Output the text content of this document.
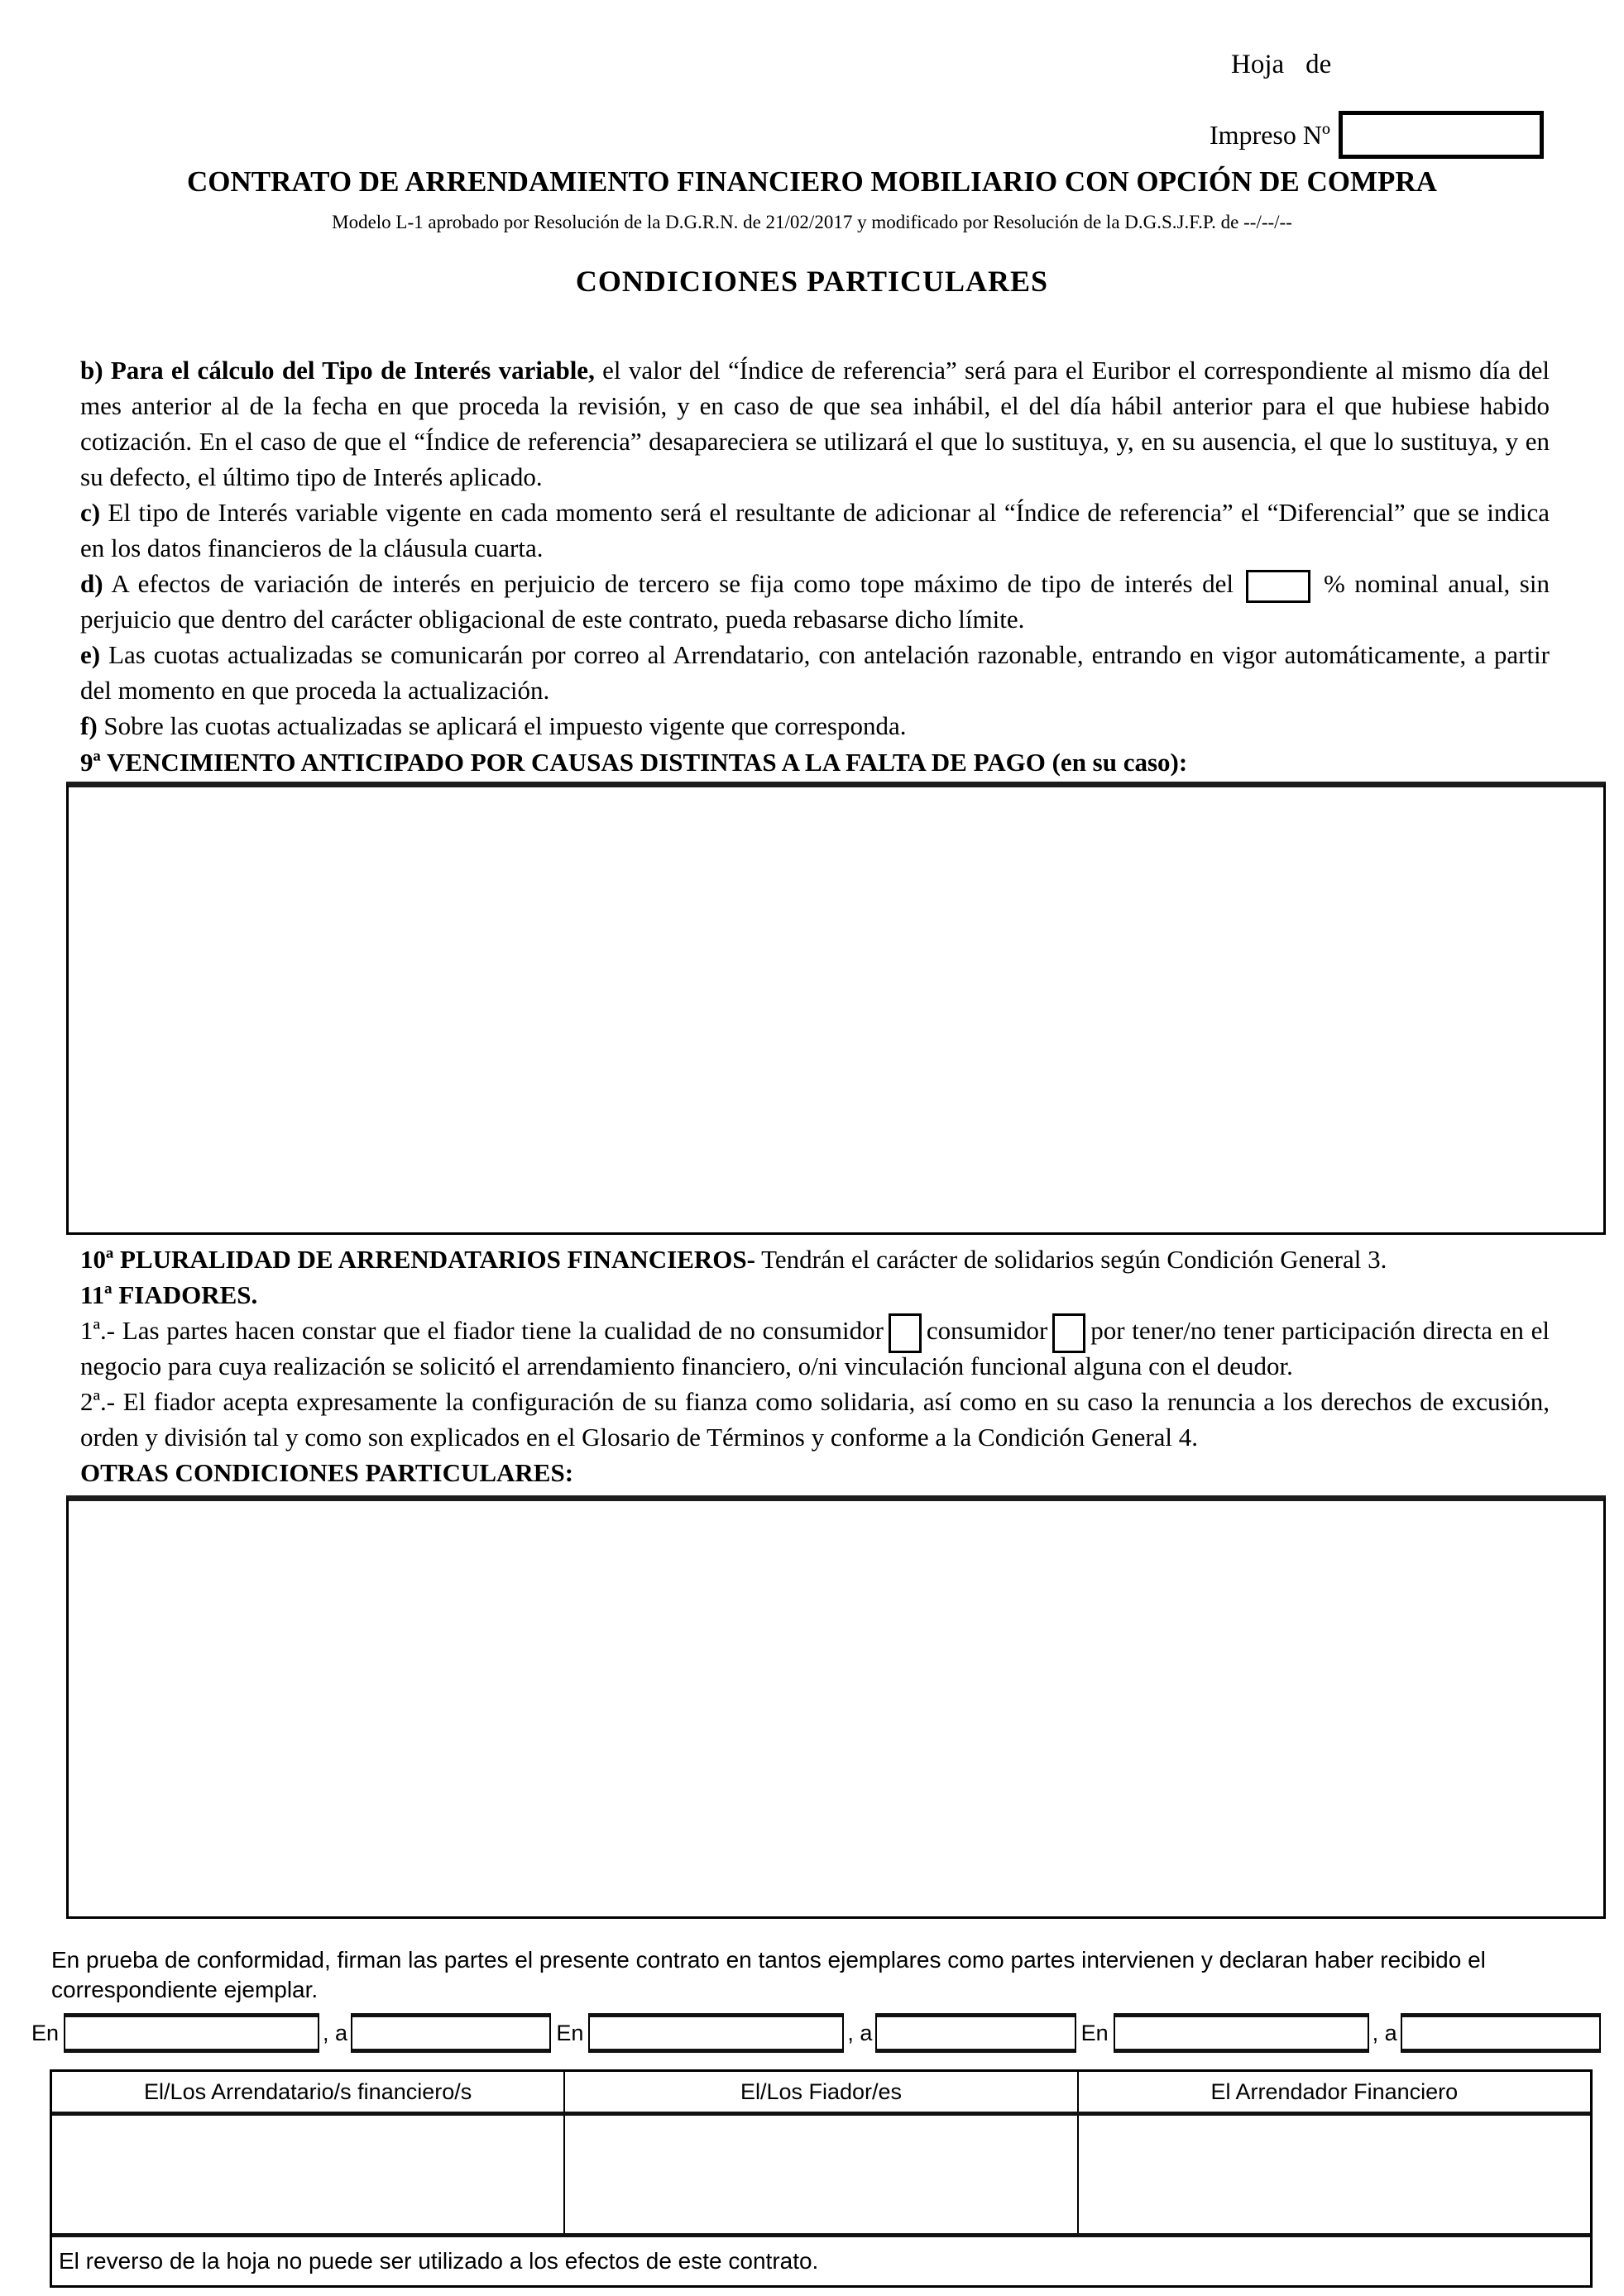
Hoja de
Impreso Nº
CONTRATO DE ARRENDAMIENTO FINANCIERO MOBILIARIO CON OPCIÓN DE COMPRA
Modelo L-1 aprobado por Resolución de la D.G.R.N. de 21/02/2017 y modificado por Resolución de la D.G.S.J.F.P. de --/--/--
CONDICIONES PARTICULARES

b) Para el cálculo del Tipo de Interés variable, el valor del “Índice de referencia” será para el Euribor el correspondiente al mismo día del mes anterior al de la fecha en que proceda la revisión, y en caso de que sea inhábil, el del día hábil anterior para el que hubiese habido cotización. En el caso de que el “Índice de referencia” desapareciera se utilizará el que lo sustituya, y, en su ausencia, el que lo sustituya, y en su defecto, el último tipo de Interés aplicado.

c) El tipo de Interés variable vigente en cada momento será el resultante de adicionar al “Índice de referencia” el “Diferencial” que se indica en los datos financieros de la cláusula cuarta.

d) A efectos de variación de interés en perjuicio de tercero se fija como tope máximo de tipo de interés del	% nominal anual, sin perjuicio que dentro del carácter obligacional de este contrato, pueda rebasarse dicho límite.

e) Las cuotas actualizadas se comunicarán por correo al Arrendatario, con antelación razonable, entrando en vigor automáticamente, a partir del momento en que proceda la actualización.

f) Sobre las cuotas actualizadas se aplicará el impuesto vigente que corresponda.

9ª VENCIMIENTO ANTICIPADO POR CAUSAS DISTINTAS A LA FALTA DE PAGO (en su caso):

10ª PLURALIDAD DE ARRENDATARIOS FINANCIEROS- Tendrán el carácter de solidarios según Condición General 3.

11ª FIADORES.

1ª.- Las partes hacen constar que el fiador tiene la cualidad de no consumidor consumidor por tener/no tener participación directa en el negocio para cuya realización se solicitó el arrendamiento financiero, o/ni vinculación funcional alguna con el deudor.

2ª.- El fiador acepta expresamente la configuración de su fianza como solidaria, así como en su caso la renuncia a los derechos de excusión, orden y división tal y como son explicados en el Glosario de Términos y conforme a la Condición General 4.

OTRAS CONDICIONES PARTICULARES:

En prueba de conformidad, firman las partes el presente contrato en tantos ejemplares como partes intervienen y declaran haber recibido el correspondiente ejemplar.
En	, a	En	, a	En	, a
El/Los Arrendatario/s financiero/s	El/Los Fiador/es	El Arrendador Financiero
El reverso de la hoja no puede ser utilizado a los efectos de este contrato.
